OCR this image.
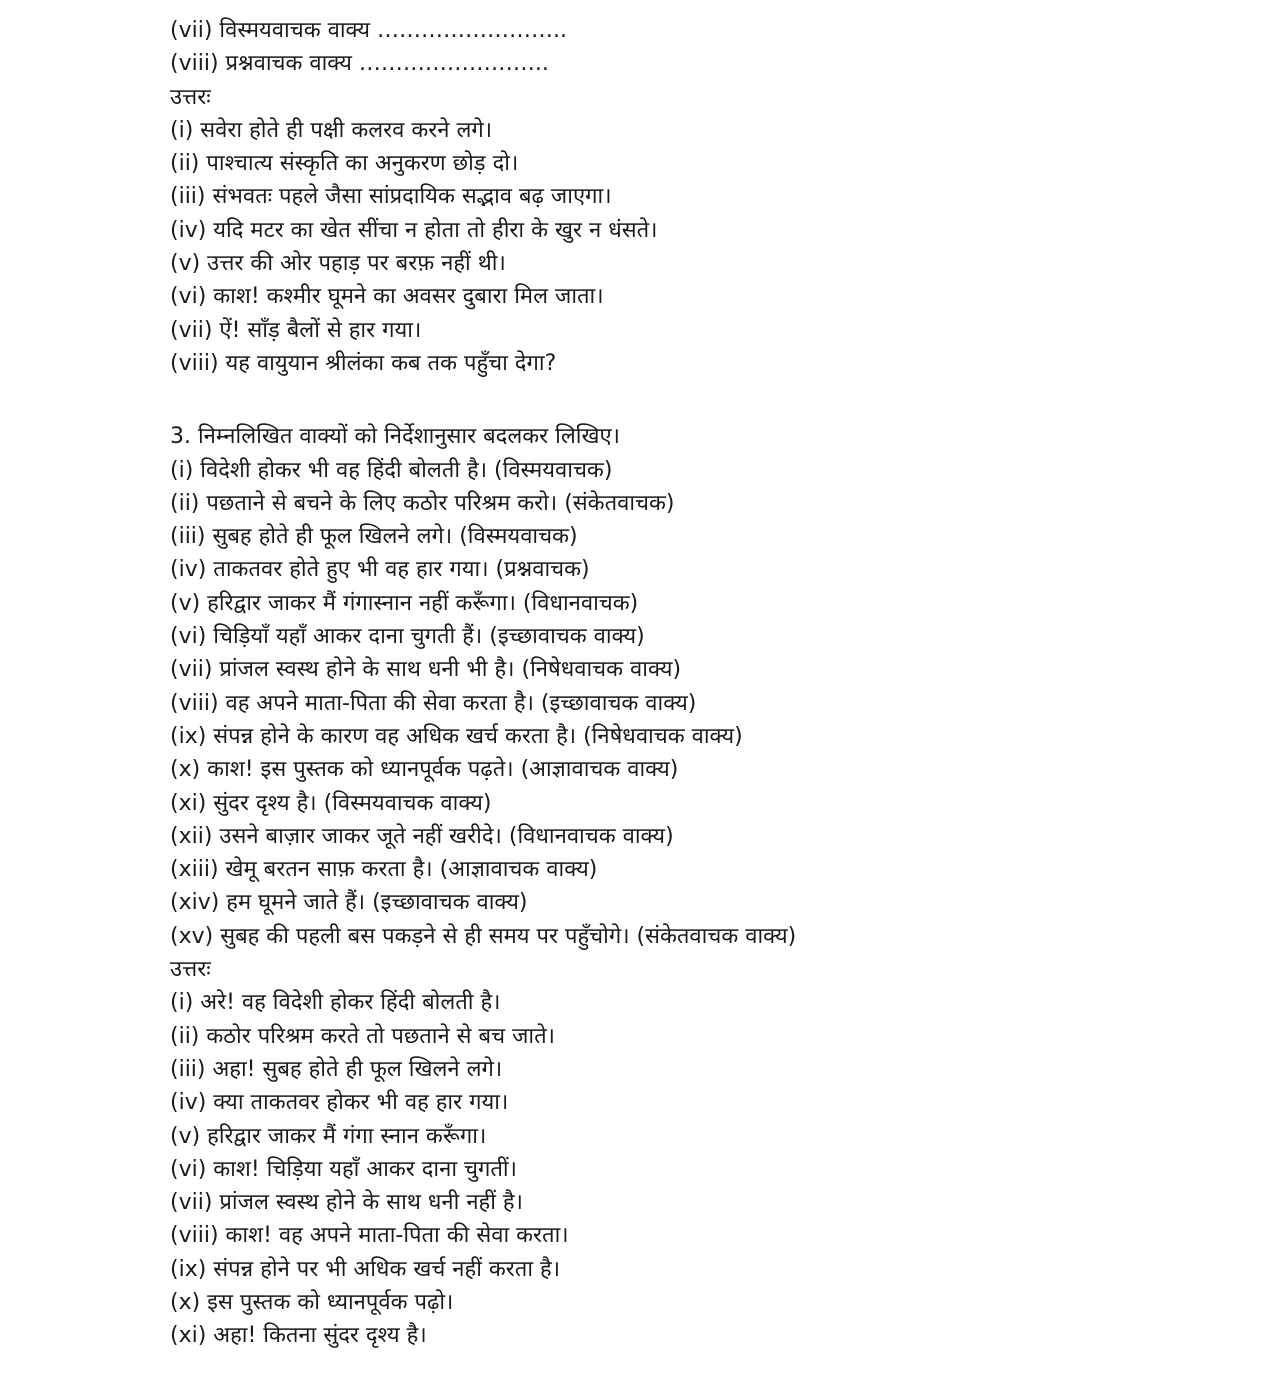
(vii) विस्मयवाचक वाक्य ……………………..

(viii) प्रश्नवाचक वाक्य ……………………..

उत्तरः

(i) सवेरा होते ही पक्षी कलरव करने लगे।

(ii) पाश्चात्य संस्कृति का अनुकरण छोड़ दो।

(iii) संभवतः पहले जैसा सांप्रदायिक सद्भाव बढ़ जाएगा।

(iv) यदि मटर का खेत सींचा न होता तो हीरा के खुर न धंसते।

(v) उत्तर की ओर पहाड़ पर बरफ़ नहीं थी।

(vi) काश! कश्मीर घूमने का अवसर दुबारा मिल जाता।

(vii) ऐं! साँड़ बैलों से हार गया।

(viii) यह वायुयान श्रीलंका कब तक पहुँचा देगा?

3. निम्नलिखित वाक्यों को निर्देशानुसार बदलकर लिखिए।

(i) विदेशी होकर भी वह हिंदी बोलती है। (विस्मयवाचक)

(ii) पछताने से बचने के लिए कठोर परिश्रम करो। (संकेतवाचक)

(iii) सुबह होते ही फूल खिलने लगे। (विस्मयवाचक)

(iv) ताकतवर होते हुए भी वह हार गया। (प्रश्नवाचक)

(v) हरिद्वार जाकर मैं गंगास्नान नहीं करूँगा। (विधानवाचक)

(vi) चिड़ियाँ यहाँ आकर दाना चुगती हैं। (इच्छावाचक वाक्य)

(vii) प्रांजल स्वस्थ होने के साथ धनी भी है। (निषेधवाचक वाक्य)

(viii) वह अपने माता-पिता की सेवा करता है। (इच्छावाचक वाक्य)

(ix) संपन्न होने के कारण वह अधिक खर्च करता है। (निषेधवाचक वाक्य)

(x) काश! इस पुस्तक को ध्यानपूर्वक पढ़ते। (आज्ञावाचक वाक्य)

(xi) सुंदर दृश्य है। (विस्मयवाचक वाक्य)

(xii) उसने बाज़ार जाकर जूते नहीं खरीदे। (विधानवाचक वाक्य)

(xiii) खेमू बरतन साफ़ करता है। (आज्ञावाचक वाक्य)

(xiv) हम घूमने जाते हैं। (इच्छावाचक वाक्य)

(xv) सुबह की पहली बस पकड़ने से ही समय पर पहुँचोगे। (संकेतवाचक वाक्य)

उत्तरः

(i) अरे! वह विदेशी होकर हिंदी बोलती है।

(ii) कठोर परिश्रम करते तो पछताने से बच जाते।

(iii) अहा! सुबह होते ही फूल खिलने लगे।

(iv) क्या ताकतवर होकर भी वह हार गया।

(v) हरिद्वार जाकर मैं गंगा स्नान करूँगा।

(vi) काश! चिड़िया यहाँ आकर दाना चुगतीं।

(vii) प्रांजल स्वस्थ होने के साथ धनी नहीं है।

(viii) काश! वह अपने माता-पिता की सेवा करता।

(ix) संपन्न होने पर भी अधिक खर्च नहीं करता है।

(x) इस पुस्तक को ध्यानपूर्वक पढ़ो।

(xi) अहा! कितना सुंदर दृश्य है।
